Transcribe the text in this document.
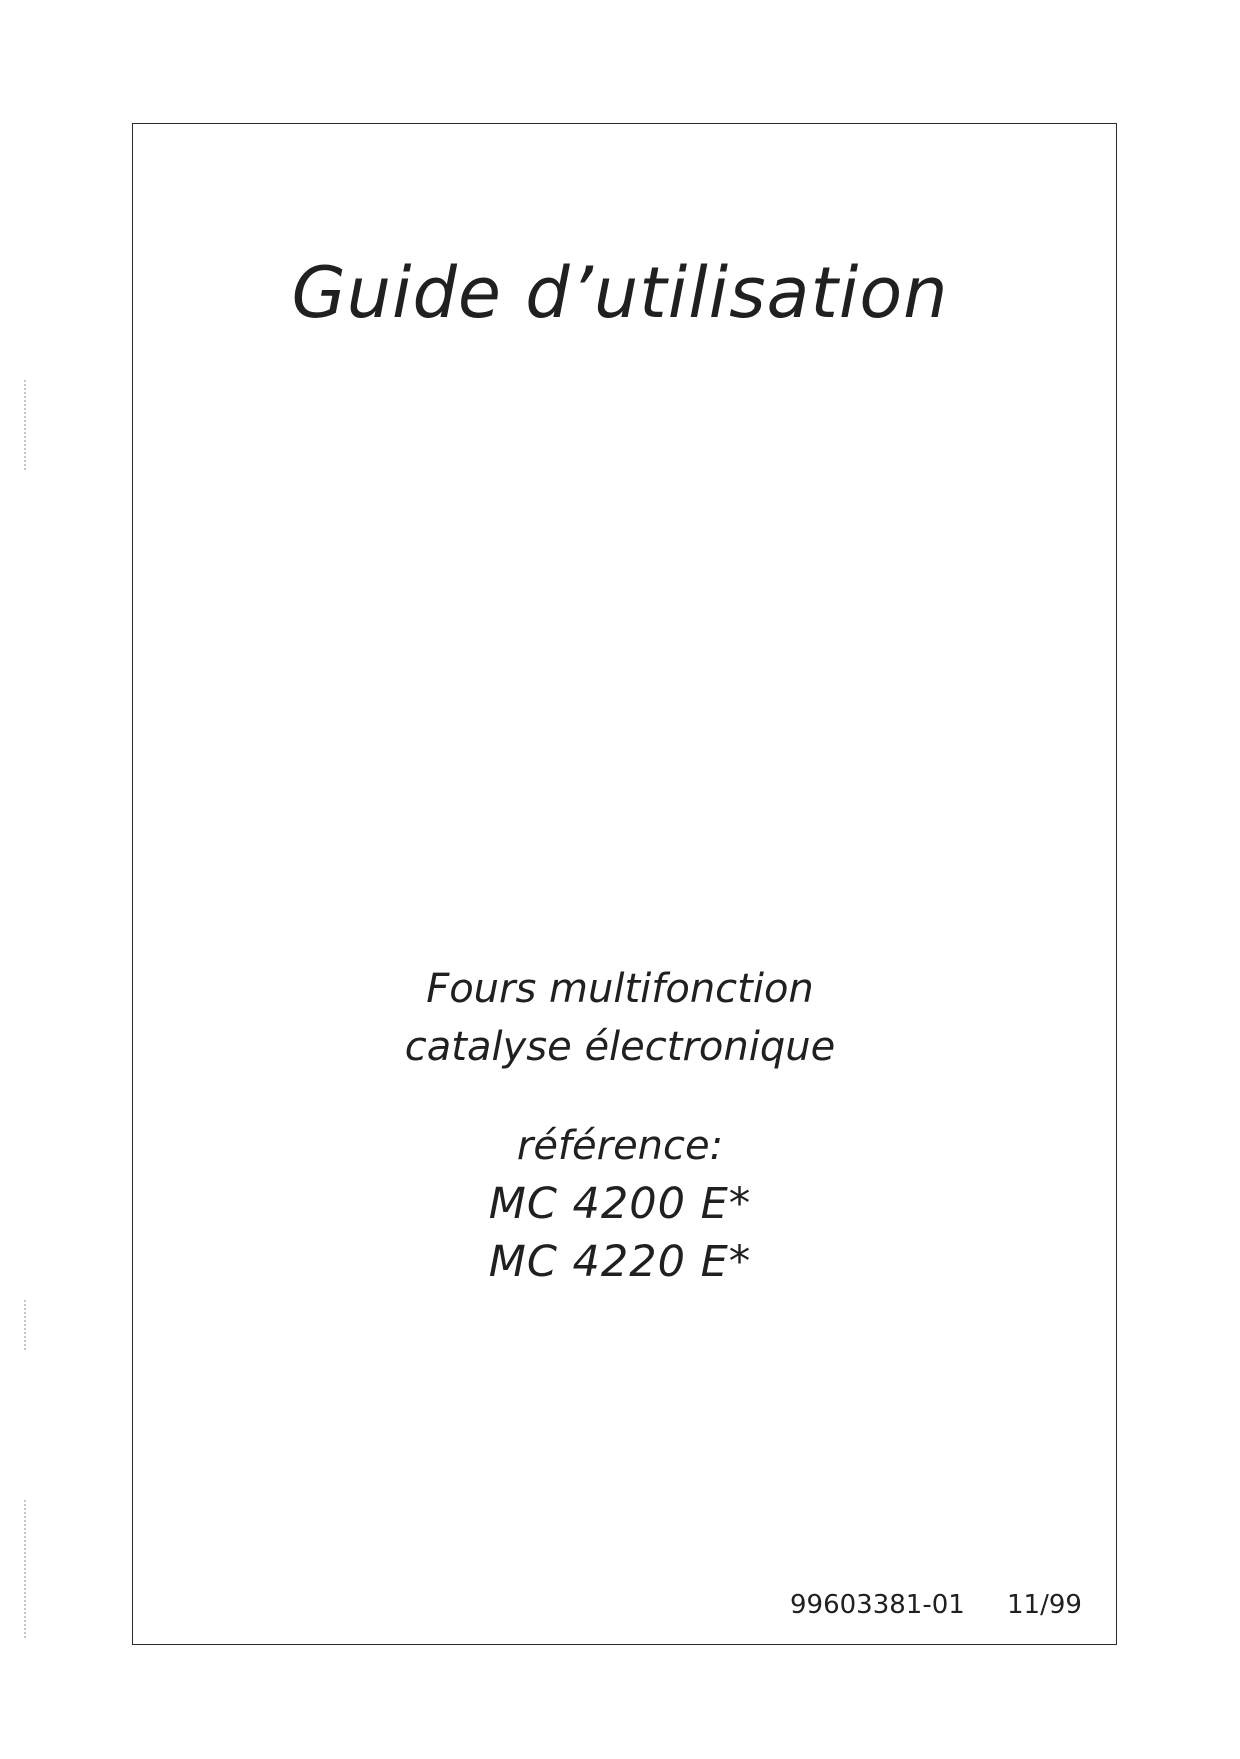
Guide d’utilisation
Fours multifonction
catalyse électronique
référence:
MC 4200 E*
MC 4220 E*
99603381-01 11/99
